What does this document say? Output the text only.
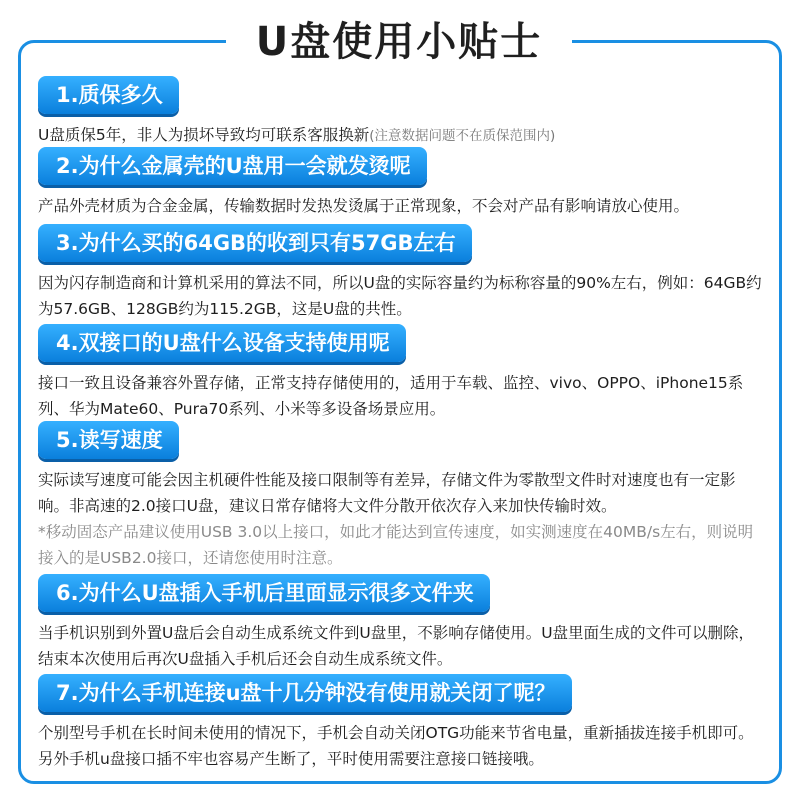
U盘使用小贴士
1.质保多久
U盘质保5年，非人为损坏导致均可联系客服换新(注意数据问题不在质保范围内)
2.为什么金属壳的U盘用一会就发烫呢
产品外壳材质为合金金属，传输数据时发热发烫属于正常现象，不会对产品有影响请放心使用。
3.为什么买的64GB的收到只有57GB左右
因为闪存制造商和计算机采用的算法不同，所以U盘的实际容量约为标称容量的90%左右，例如：64GB约为57.6GB、128GB约为115.2GB，这是U盘的共性。
4.双接口的U盘什么设备支持使用呢
接口一致且设备兼容外置存储，正常支持存储使用的，适用于车载、监控、vivo、OPPO、iPhone15系列、华为Mate60、Pura70系列、小米等多设备场景应用。
5.读写速度
实际读写速度可能会因主机硬件性能及接口限制等有差异，存储文件为零散型文件时对速度也有一定影响。非高速的2.0接口U盘，建议日常存储将大文件分散开依次存入来加快传输时效。
*移动固态产品建议使用USB 3.0以上接口，如此才能达到宣传速度，如实测速度在40MB/s左右，则说明接入的是USB2.0接口，还请您使用时注意。
6.为什么U盘插入手机后里面显示很多文件夹
当手机识别到外置U盘后会自动生成系统文件到U盘里，不影响存储使用。U盘里面生成的文件可以删除，结束本次使用后再次U盘插入手机后还会自动生成系统文件。
7.为什么手机连接u盘十几分钟没有使用就关闭了呢？
个别型号手机在长时间未使用的情况下，手机会自动关闭OTG功能来节省电量，重新插拔连接手机即可。另外手机u盘接口插不牢也容易产生断了，平时使用需要注意接口链接哦。
